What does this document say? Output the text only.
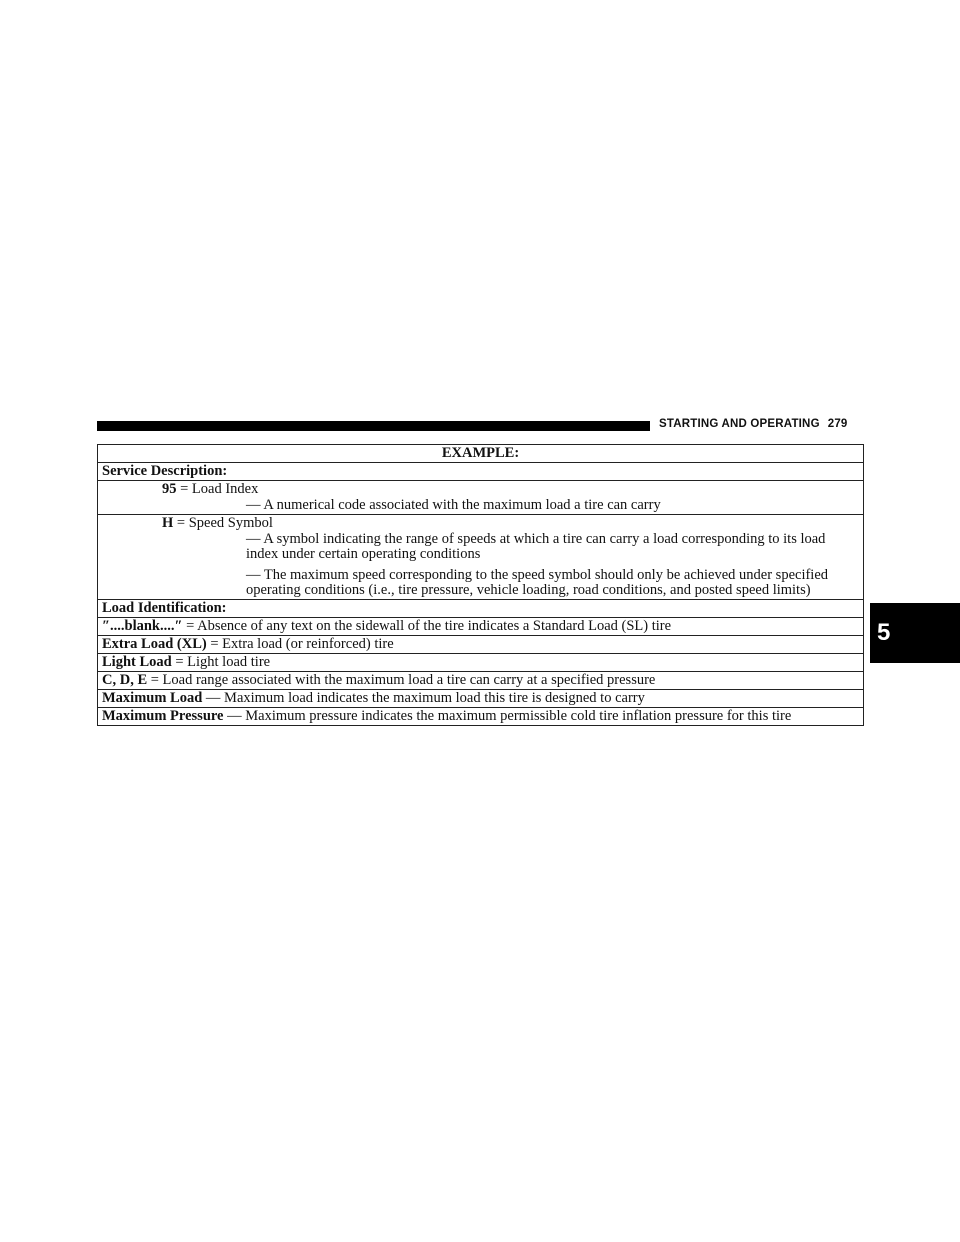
STARTING AND OPERATING 279
5
EXAMPLE:
Service Description:

95 = Load Index
— A numerical code associated with the maximum load a tire can carry

H = Speed Symbol
— A symbol indicating the range of speeds at which a tire can carry a load corresponding to its load index under certain operating conditions
— The maximum speed corresponding to the speed symbol should only be achieved under specified operating conditions (i.e., tire pressure, vehicle loading, road conditions, and posted speed limits)

Load Identification:
″....blank....″ = Absence of any text on the sidewall of the tire indicates a Standard Load (SL) tire
Extra Load (XL) = Extra load (or reinforced) tire
Light Load = Light load tire
C, D, E = Load range associated with the maximum load a tire can carry at a specified pressure
Maximum Load — Maximum load indicates the maximum load this tire is designed to carry
Maximum Pressure — Maximum pressure indicates the maximum permissible cold tire inflation pressure for this tire
